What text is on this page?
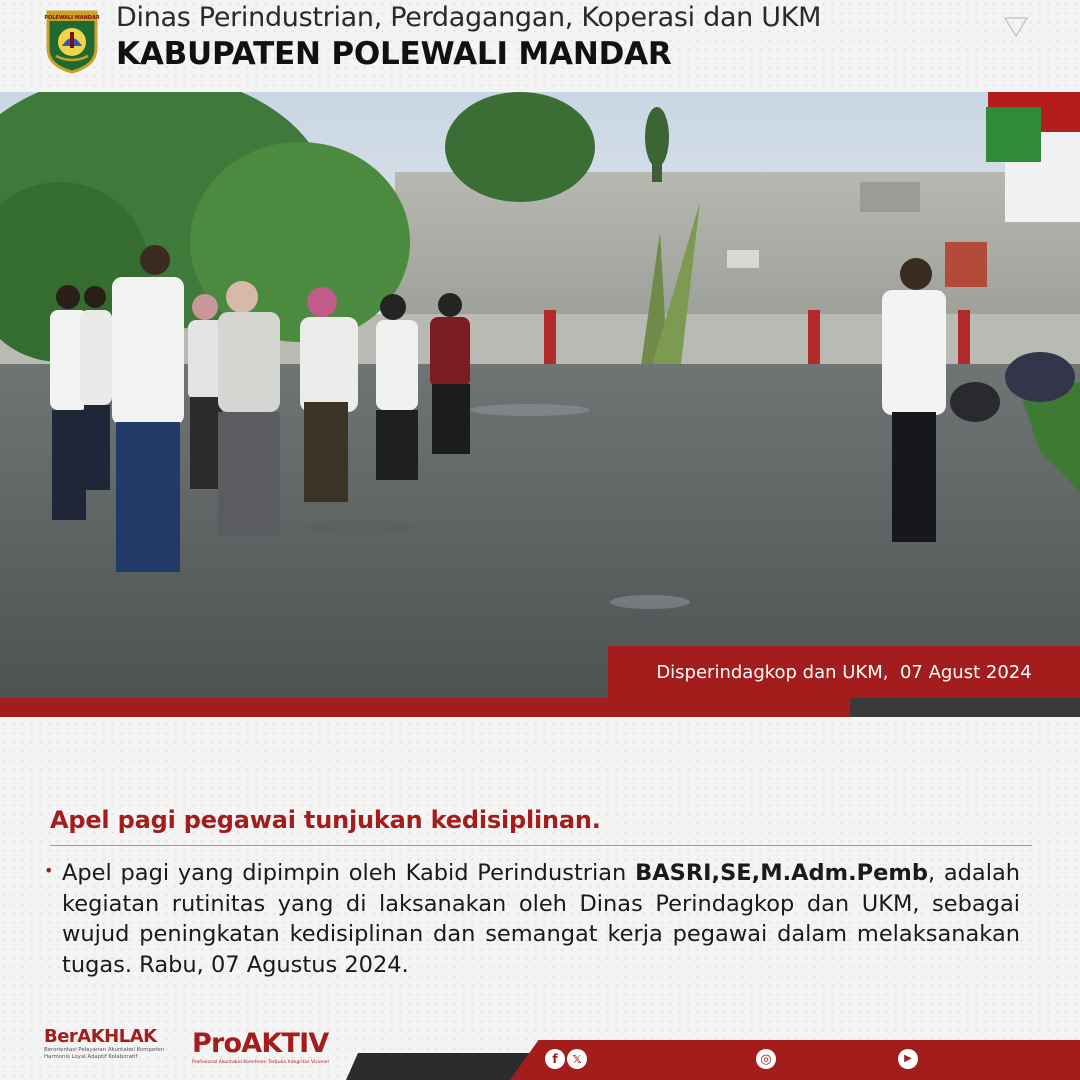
POLEWALI MANDAR Dinas Perindustrian, Perdagangan, Koperasi dan UKM
KABUPATEN POLEWALI MANDAR
Disperindagkop dan UKM,  07 Agust 2024
Apel pagi pegawai tunjukan kedisiplinan.
• Apel pagi yang dipimpin oleh Kabid Perindustrian BASRI,SE,M.Adm.Pemb, adalah kegiatan rutinitas yang di laksanakan oleh Dinas Perindagkop dan UKM, sebagai wujud peningkatan kedisiplinan dan semangat kerja pegawai dalam melaksanakan tugas. Rabu, 07 Agustus 2024.
BerAKHLAK
Berorientasi Pelayanan Akuntabel Kompeten
Harmonis Loyal Adaptif Kolaboratif	ProAKTIV
Profesional Akuntabel Komitmen Terbuka Integritas Visioner	f	𝕏	◎	▶
